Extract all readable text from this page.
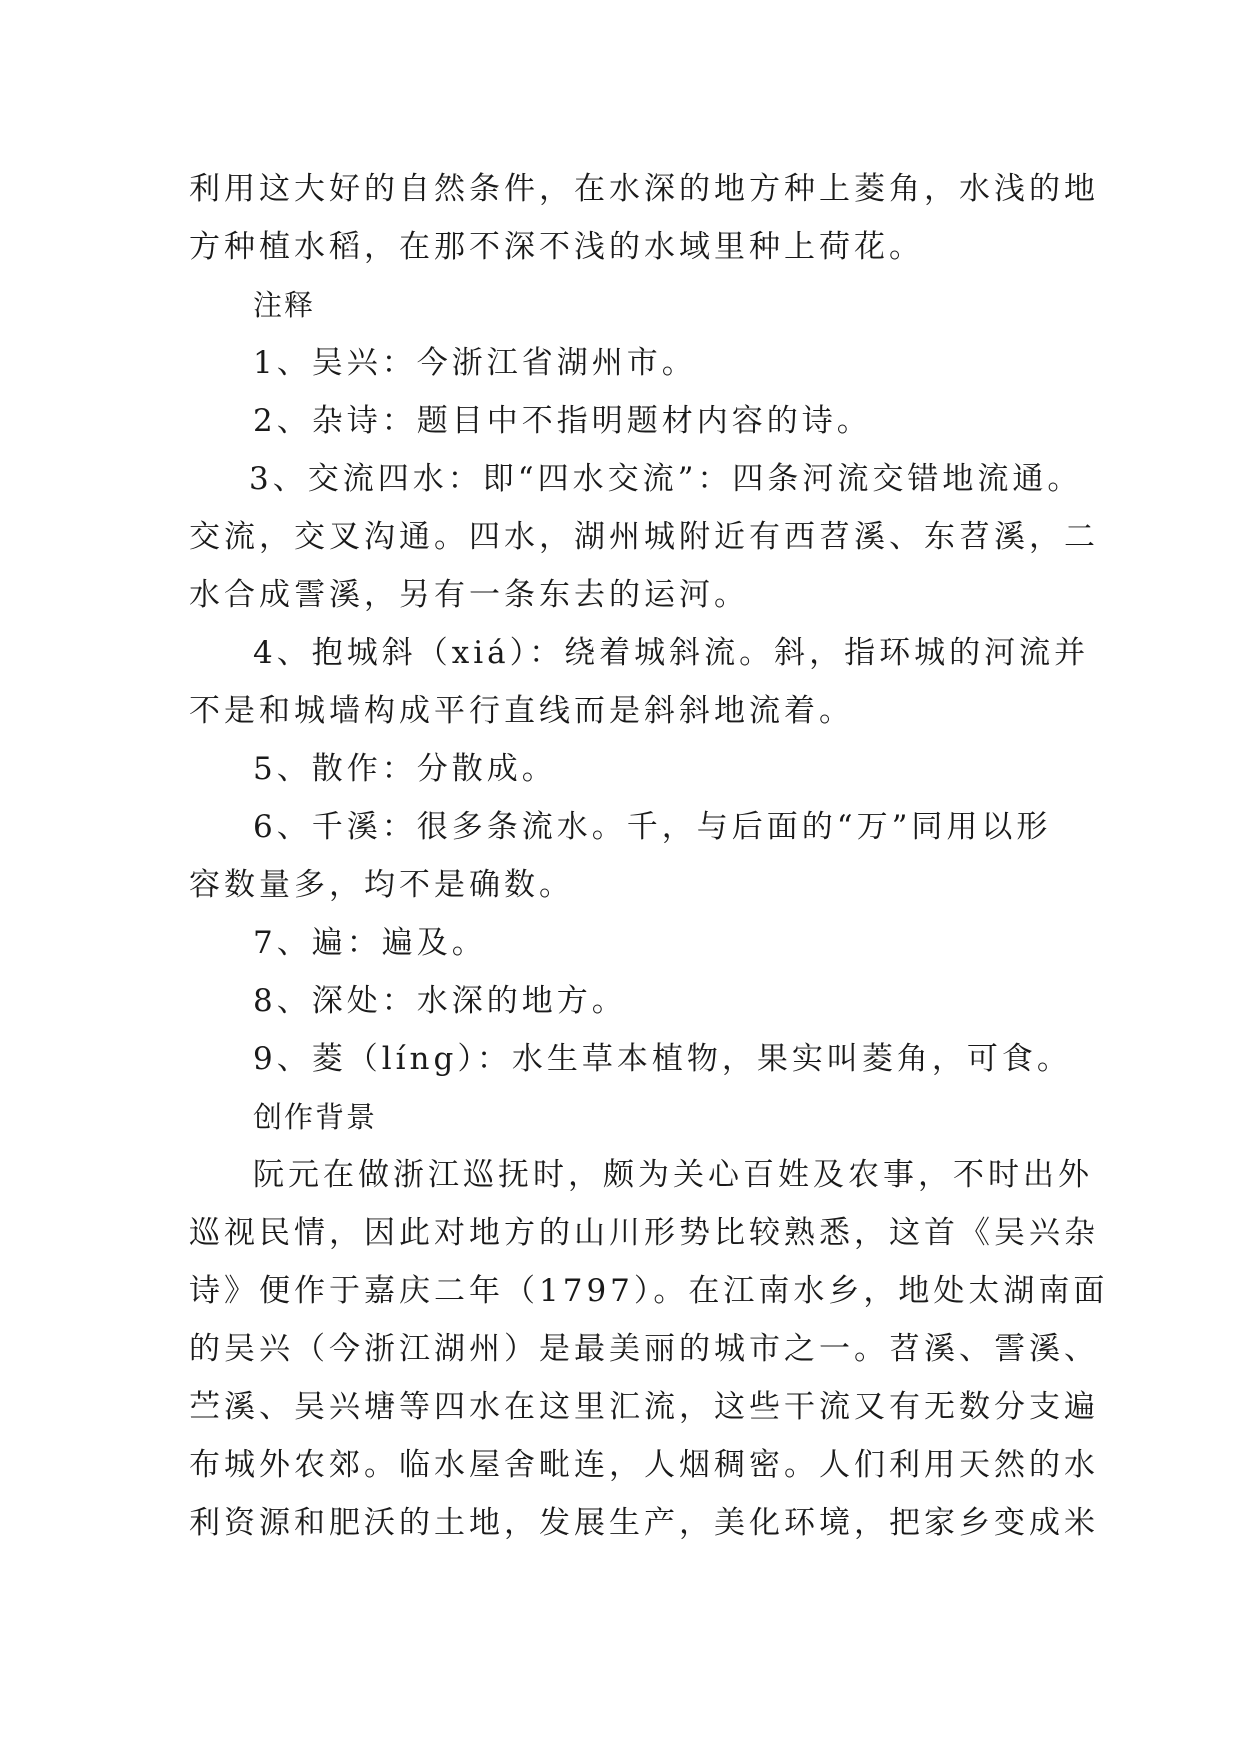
利用这大好的自然条件，在水深的地方种上菱角，水浅的地
方种植水稻，在那不深不浅的水域里种上荷花。
注释
1、吴兴：今浙江省湖州市。
2、杂诗：题目中不指明题材内容的诗。
3、交流四水：即“四水交流”：四条河流交错地流通。
交流，交叉沟通。四水，湖州城附近有西苕溪、东苕溪，二
水合成霅溪，另有一条东去的运河。
4、抱城斜（xiá）：绕着城斜流。斜，指环城的河流并
不是和城墙构成平行直线而是斜斜地流着。
5、散作：分散成。
6、千溪：很多条流水。千，与后面的“万”同用以形
容数量多，均不是确数。
7、遍：遍及。
8、深处：水深的地方。
9、菱（líng）：水生草本植物，果实叫菱角，可食。
创作背景
阮元在做浙江巡抚时，颇为关心百姓及农事，不时出外
巡视民情，因此对地方的山川形势比较熟悉，这首《吴兴杂
诗》便作于嘉庆二年（1797）。在江南水乡，地处太湖南面
的吴兴（今浙江湖州）是最美丽的城市之一。苕溪、霅溪、
苎溪、吴兴塘等四水在这里汇流，这些干流又有无数分支遍
布城外农郊。临水屋舍毗连，人烟稠密。人们利用天然的水
利资源和肥沃的土地，发展生产，美化环境，把家乡变成米
